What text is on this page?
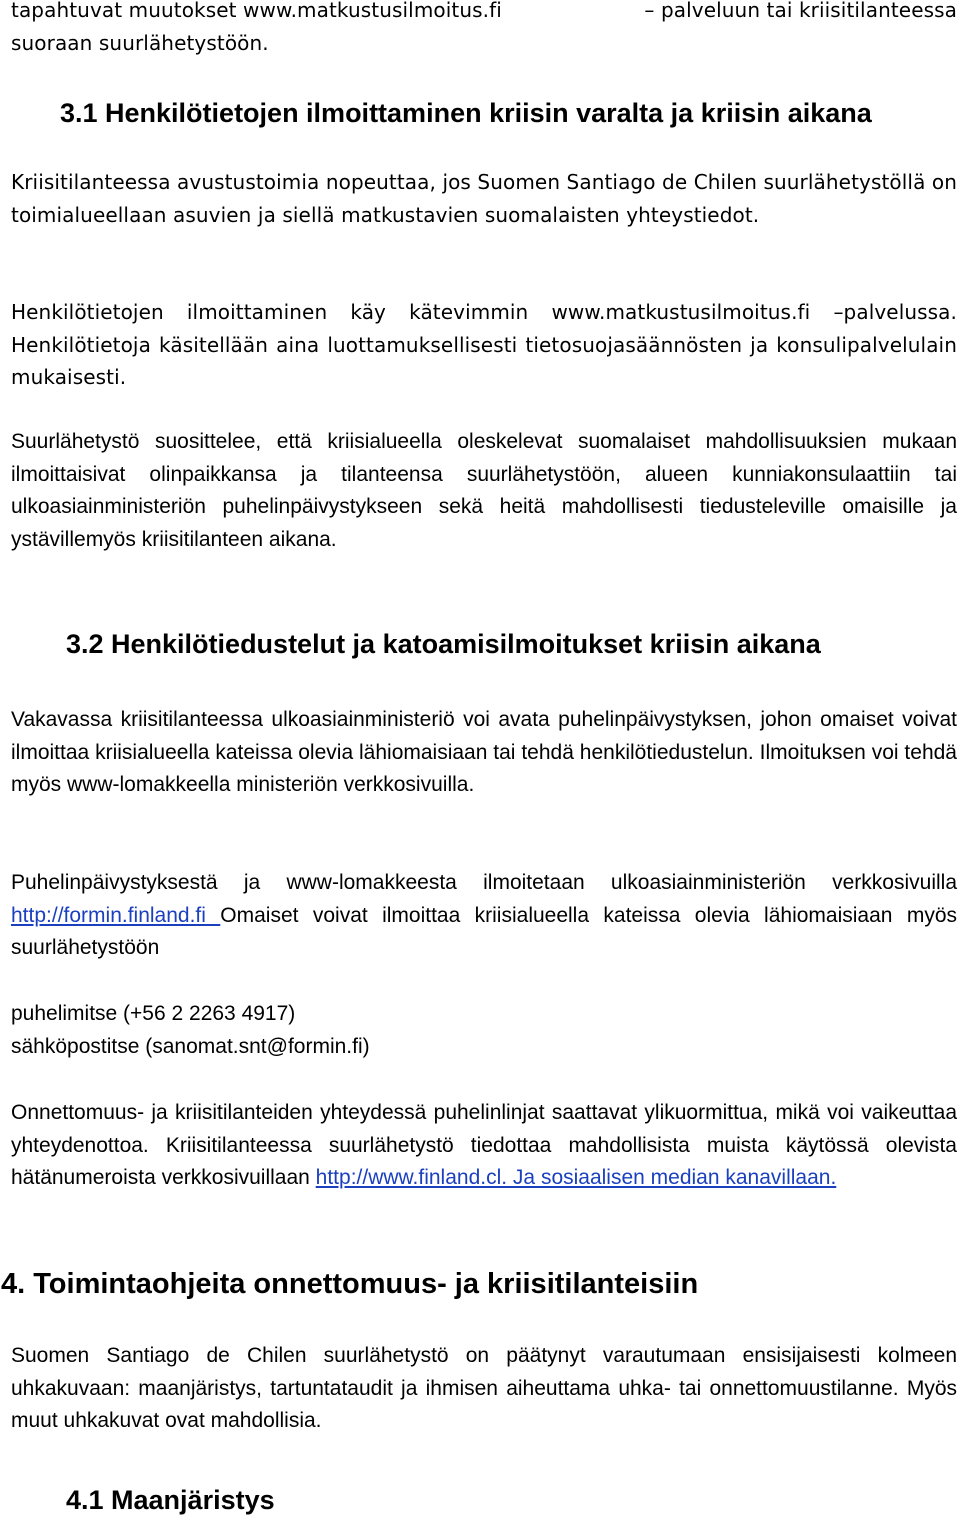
tapahtuvat muutokset www.matkustusilmoitus.fi	– palveluun tai kriisitilanteessa
suoraan suurlähetystöön.
3.1 Henkilötietojen ilmoittaminen kriisin varalta ja kriisin aikana

Kriisitilanteessa avustustoimia nopeuttaa, jos Suomen Santiago de Chilen suurlähetystöllä on toimialueellaan asuvien ja siellä matkustavien suomalaisten yhteystiedot.

Henkilötietojen ilmoittaminen käy kätevimmin www.matkustusilmoitus.fi –palvelussa. Henkilötietoja käsitellään aina luottamuksellisesti tietosuojasäännösten ja konsulipalvelulain mukaisesti.

Suurlähetystö suosittelee, että kriisialueella oleskelevat suomalaiset mahdollisuuksien mukaan ilmoittaisivat olinpaikkansa ja tilanteensa suurlähetystöön, alueen kunniakonsulaattiin tai ulkoasiainministeriön puhelinpäivystykseen sekä heitä mahdollisesti tiedusteleville omaisille ja ystävillemyös kriisitilanteen aikana.

3.2 Henkilötiedustelut ja katoamisilmoitukset kriisin aikana

Vakavassa kriisitilanteessa ulkoasiainministeriö voi avata puhelinpäivystyksen, johon omaiset voivat ilmoittaa kriisialueella kateissa olevia lähiomaisiaan tai tehdä henkilötiedustelun. Ilmoituksen voi tehdä myös www-lomakkeella ministeriön verkkosivuilla.

Puhelinpäivystyksestä ja www-lomakkeesta ilmoitetaan ulkoasiainministeriön verkkosivuilla http://formin.finland.fi Omaiset voivat ilmoittaa kriisialueella kateissa olevia lähiomaisiaan myös suurlähetystöön

puhelimitse (+56 2 2263 4917)

sähköpostitse (sanomat.snt@formin.fi)

Onnettomuus- ja kriisitilanteiden yhteydessä puhelinlinjat saattavat ylikuormittua, mikä voi vaikeuttaa yhteydenottoa. Kriisitilanteessa suurlähetystö tiedottaa mahdollisista muista käytössä olevista hätänumeroista verkkosivuillaan http://www.finland.cl. Ja sosiaalisen median kanavillaan.

4. Toimintaohjeita onnettomuus- ja kriisitilanteisiin

Suomen Santiago de Chilen suurlähetystö on päätynyt varautumaan ensisijaisesti kolmeen uhkakuvaan: maanjäristys, tartuntataudit ja ihmisen aiheuttama uhka- tai onnettomuustilanne. Myös muut uhkakuvat ovat mahdollisia.

4.1 Maanjäristys
